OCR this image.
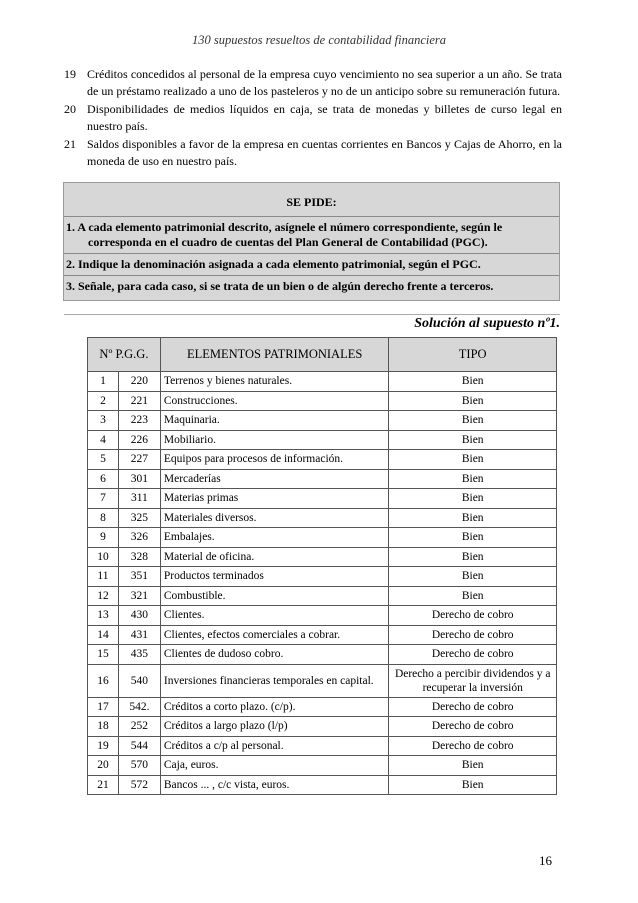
130 supuestos resueltos de contabilidad financiera
19 Créditos concedidos al personal de la empresa cuyo vencimiento no sea superior a un año. Se trata de un préstamo realizado a uno de los pasteleros y no de un anticipo sobre su remuneración futura.
20 Disponibilidades de medios líquidos en caja, se trata de monedas y billetes de curso legal en nuestro país.
21 Saldos disponibles a favor de la empresa en cuentas corrientes en Bancos y Cajas de Ahorro, en la moneda de uso en nuestro país.
SE PIDE:
1. A cada elemento patrimonial descrito, asígnele el número correspondiente, según le
corresponda en el cuadro de cuentas del Plan General de Contabilidad (PGC).
2. Indique la denominación asignada a cada elemento patrimonial, según el PGC.
3. Señale, para cada caso, si se trata de un bien o de algún derecho frente a terceros.
Solución al supuesto nº1.
Nº P.G.G.		ELEMENTOS PATRIMONIALES	TIPO
1	220	Terrenos y bienes naturales.	Bien
2	221	Construcciones.	Bien
3	223	Maquinaria.	Bien
4	226	Mobiliario.	Bien
5	227	Equipos para procesos de información.	Bien
6	301	Mercaderías	Bien
7	311	Materias primas	Bien
8	325	Materiales diversos.	Bien
9	326	Embalajes.	Bien
10	328	Material de oficina.	Bien
11	351	Productos terminados	Bien
12	321	Combustible.	Bien
13	430	Clientes.	Derecho de cobro
14	431	Clientes, efectos comerciales a cobrar.	Derecho de cobro
15	435	Clientes de dudoso cobro.	Derecho de cobro
16	540	Inversiones financieras temporales en capital.	Derecho a percibir dividendos y a recuperar la inversión
17	542.	Créditos a corto plazo. (c/p).	Derecho de cobro
18	252	Créditos a largo plazo (l/p)	Derecho de cobro
19	544	Créditos a c/p al personal.	Derecho de cobro
20	570	Caja, euros.	Bien
21	572	Bancos ... , c/c vista, euros.	Bien
16
